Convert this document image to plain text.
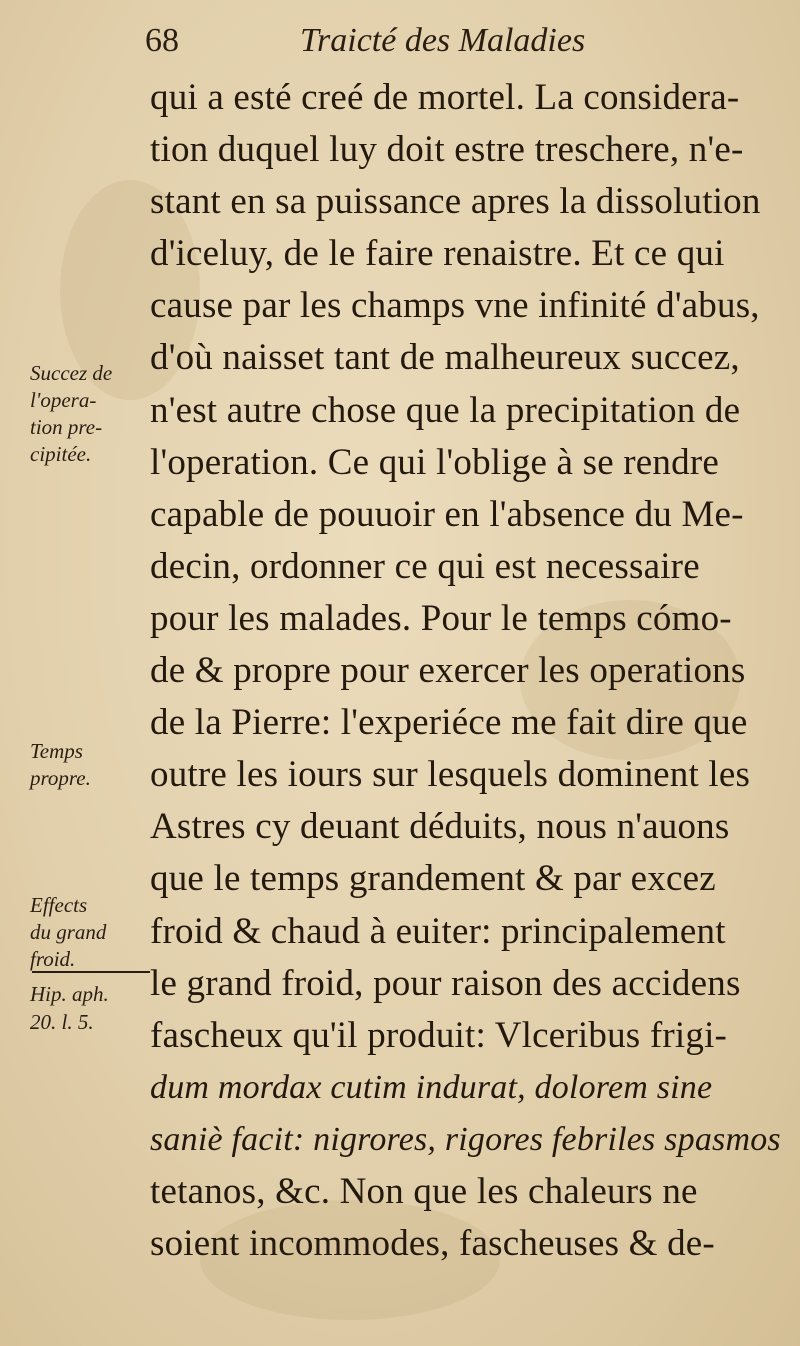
68	Traicté des Maladies
qui a esté creé de mortel. La considera-
tion duquel luy doit estre treschere, n'e-
stant en sa puissance apres la dissolution
d'iceluy, de le faire renaistre. Et ce qui
cause par les champs vne infinité d'abus,
d'où naisset tant de malheureux succez,
n'est autre chose que la precipitation de
l'operation. Ce qui l'oblige à se rendre
capable de pouuoir en l'absence du Me-
decin, ordonner ce qui est necessaire
pour les malades. Pour le temps cómo-
de & propre pour exercer les operations
de la Pierre: l'experiéce me fait dire que
outre les iours sur lesquels dominent les
Astres cy deuant déduits, nous n'auons
que le temps grandement & par excez
froid & chaud à euiter: principalement
le grand froid, pour raison des accidens
fascheux qu'il produit: Vlceribus frigi-
dum mordax cutim indurat, dolorem sine
saniè facit: nigrores, rigores febriles spasmos
tetanos, &c. Non que les chaleurs ne
soient incommodes, fascheuses & de-

Succez de
l'opera-
tion pre-
cipitée.

Temps
propre.

Effects
du grand
froid.

Hip. aph.
20. l. 5.
